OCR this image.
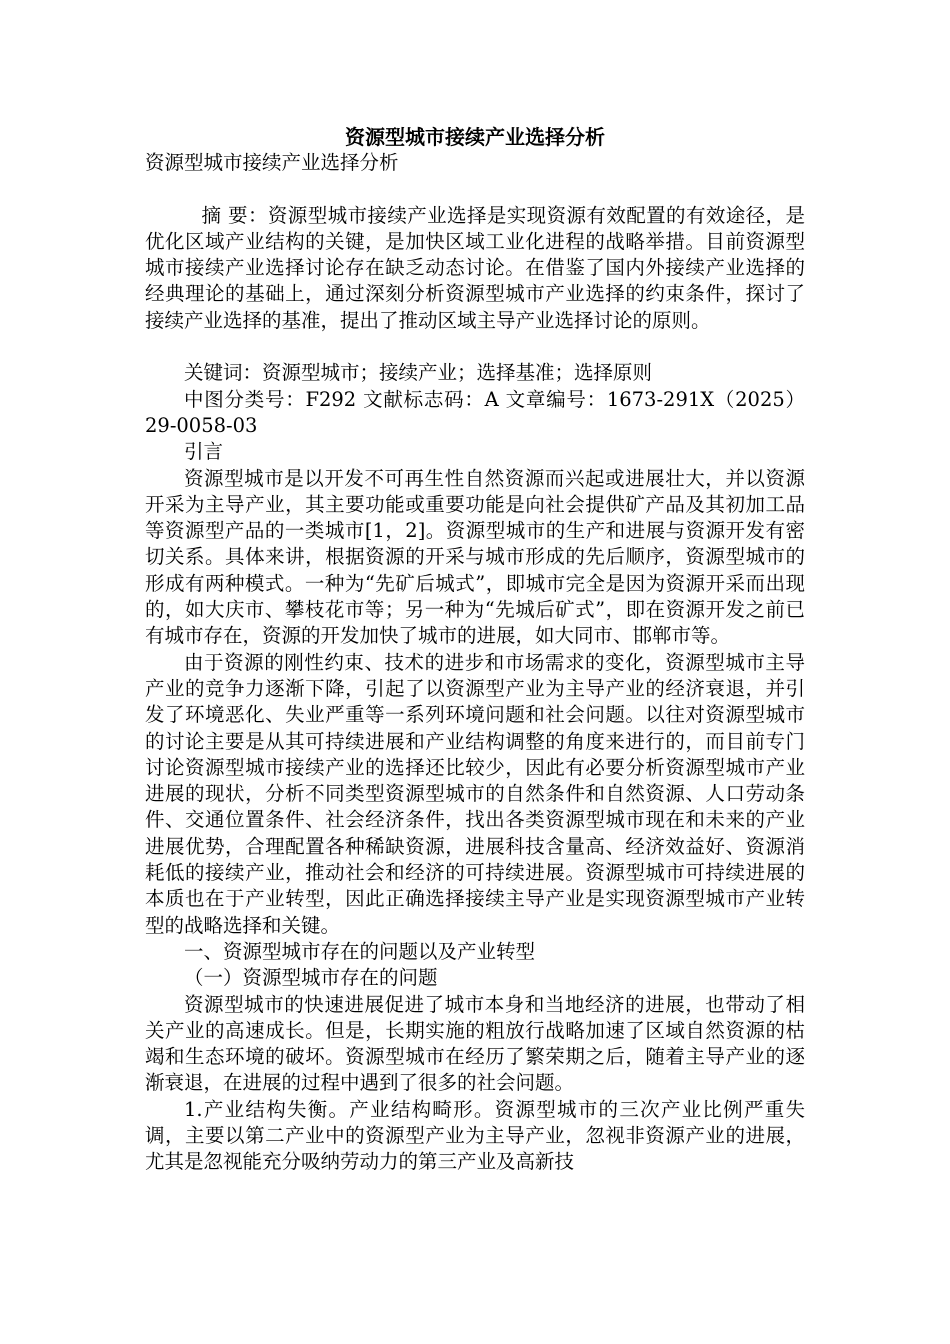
资源型城市接续产业选择分析

资源型城市接续产业选择分析

摘 要：资源型城市接续产业选择是实现资源有效配置的有效途径，是优化区域产业结构的关键，是加快区域工业化进程的战略举措。目前资源型城市接续产业选择讨论存在缺乏动态讨论。在借鉴了国内外接续产业选择的经典理论的基础上，通过深刻分析资源型城市产业选择的约束条件，探讨了接续产业选择的基准，提出了推动区域主导产业选择讨论的原则。

关键词：资源型城市；接续产业；选择基准；选择原则

中图分类号：F292 文献标志码：A 文章编号：1673-291X（2025）29-0058-03

引言

资源型城市是以开发不可再生性自然资源而兴起或进展壮大，并以资源开采为主导产业，其主要功能或重要功能是向社会提供矿产品及其初加工品等资源型产品的一类城市[1，2]。资源型城市的生产和进展与资源开发有密切关系。具体来讲，根据资源的开采与城市形成的先后顺序，资源型城市的形成有两种模式。一种为“先矿后城式”，即城市完全是因为资源开采而出现的，如大庆市、攀枝花市等；另一种为“先城后矿式”，即在资源开发之前已有城市存在，资源的开发加快了城市的进展，如大同市、邯郸市等。

由于资源的刚性约束、技术的进步和市场需求的变化，资源型城市主导产业的竞争力逐渐下降，引起了以资源型产业为主导产业的经济衰退，并引发了环境恶化、失业严重等一系列环境问题和社会问题。以往对资源型城市的讨论主要是从其可持续进展和产业结构调整的角度来进行的，而目前专门讨论资源型城市接续产业的选择还比较少，因此有必要分析资源型城市产业进展的现状，分析不同类型资源型城市的自然条件和自然资源、人口劳动条件、交通位置条件、社会经济条件，找出各类资源型城市现在和未来的产业进展优势，合理配置各种稀缺资源，进展科技含量高、经济效益好、资源消耗低的接续产业，推动社会和经济的可持续进展。资源型城市可持续进展的本质也在于产业转型，因此正确选择接续主导产业是实现资源型城市产业转型的战略选择和关键。

一、资源型城市存在的问题以及产业转型

（一）资源型城市存在的问题

资源型城市的快速进展促进了城市本身和当地经济的进展，也带动了相关产业的高速成长。但是，长期实施的粗放行战略加速了区域自然资源的枯竭和生态环境的破坏。资源型城市在经历了繁荣期之后，随着主导产业的逐渐衰退，在进展的过程中遇到了很多的社会问题。

1.产业结构失衡。产业结构畸形。资源型城市的三次产业比例严重失调，主要以第二产业中的资源型产业为主导产业，忽视非资源产业的进展，尤其是忽视能充分吸纳劳动力的第三产业及高新技
